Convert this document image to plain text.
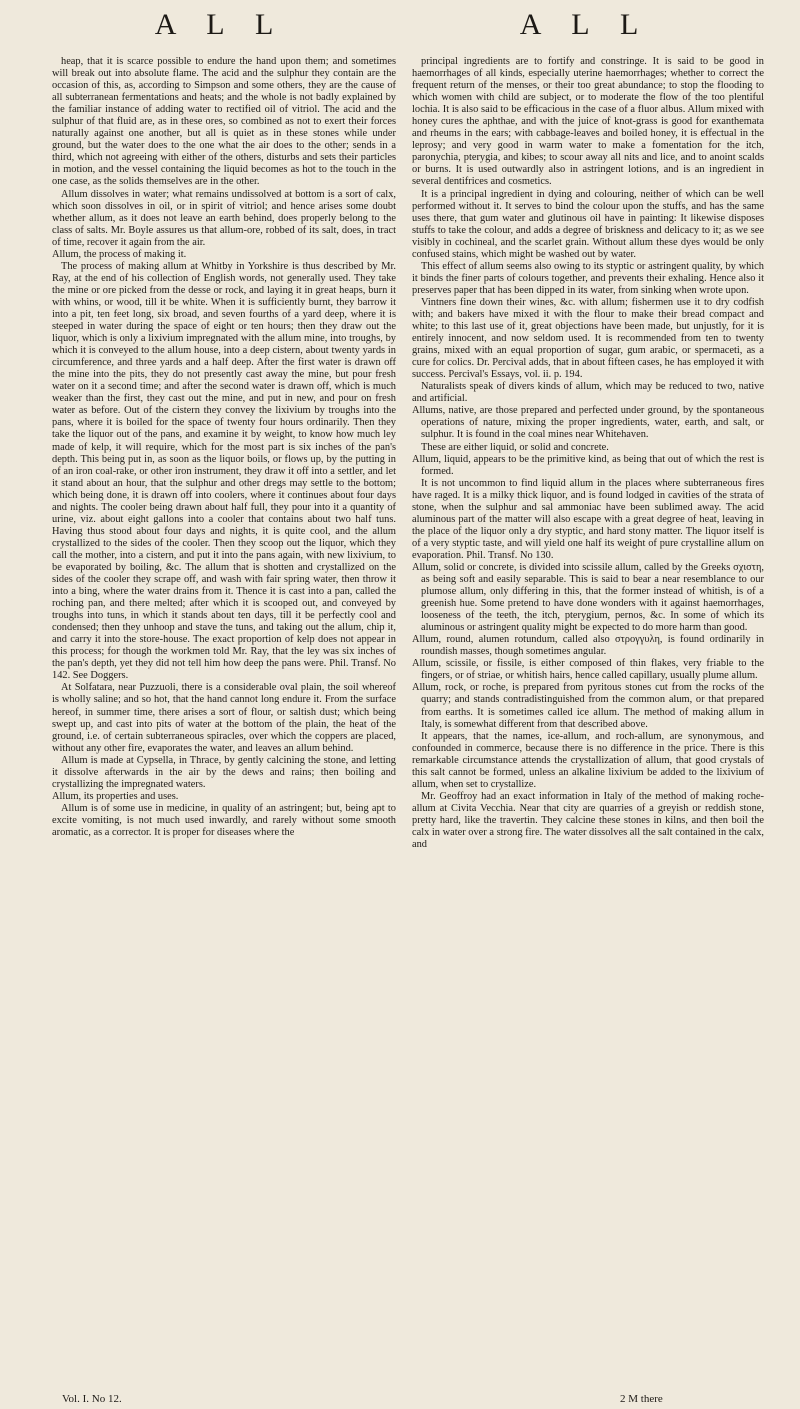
A L L	A L L

heap, that it is scarce possible to endure the hand upon them; and sometimes will break out into absolute flame. The acid and the sulphur they contain are the occasion of this, as, according to Simpson and some others, they are the cause of all subterranean fermentations and heats; and the whole is not badly explained by the familiar instance of adding water to rectified oil of vitriol. The acid and the sulphur of that fluid are, as in these ores, so combined as not to exert their forces naturally against one another, but all is quiet as in these stones while under ground, but the water does to the one what the air does to the other; sends in a third, which not agreeing with either of the others, disturbs and sets their particles in motion, and the vessel containing the liquid becomes as hot to the touch in the one case, as the solids themselves are in the other.

Allum dissolves in water; what remains undissolved at bottom is a sort of calx, which soon dissolves in oil, or in spirit of vitriol; and hence arises some doubt whether allum, as it does not leave an earth behind, does properly belong to the class of salts. Mr. Boyle assures us that allum-ore, robbed of its salt, does, in tract of time, recover it again from the air.

Allum, the process of making it.

The process of making allum at Whitby in Yorkshire is thus described by Mr. Ray, at the end of his collection of English words, not generally used. They take the mine or ore picked from the desse or rock, and laying it in great heaps, burn it with whins, or wood, till it be white. When it is sufficiently burnt, they barrow it into a pit, ten feet long, six broad, and seven fourths of a yard deep, where it is steeped in water during the space of eight or ten hours; then they draw out the liquor, which is only a lixivium impregnated with the allum mine, into troughs, by which it is conveyed to the allum house, into a deep cistern, about twenty yards in circumference, and three yards and a half deep. After the first water is drawn off the mine into the pits, they do not presently cast away the mine, but pour fresh water on it a second time; and after the second water is drawn off, which is much weaker than the first, they cast out the mine, and put in new, and pour on fresh water as before. Out of the cistern they convey the lixivium by troughs into the pans, where it is boiled for the space of twenty four hours ordinarily. Then they take the liquor out of the pans, and examine it by weight, to know how much ley made of kelp, it will require, which for the most part is six inches of the pan's depth. This being put in, as soon as the liquor boils, or flows up, by the putting in of an iron coal-rake, or other iron instrument, they draw it off into a settler, and let it stand about an hour, that the sulphur and other dregs may settle to the bottom; which being done, it is drawn off into coolers, where it continues about four days and nights. The cooler being drawn about half full, they pour into it a quantity of urine, viz. about eight gallons into a cooler that contains about two half tuns. Having thus stood about four days and nights, it is quite cool, and the allum crystallized to the sides of the cooler. Then they scoop out the liquor, which they call the mother, into a cistern, and put it into the pans again, with new lixivium, to be evaporated by boiling, &c. The allum that is shotten and crystallized on the sides of the cooler they scrape off, and wash with fair spring water, then throw it into a bing, where the water drains from it. Thence it is cast into a pan, called the roching pan, and there melted; after which it is scooped out, and conveyed by troughs into tuns, in which it stands about ten days, till it be perfectly cool and condensed; then they unhoop and stave the tuns, and taking out the allum, chip it, and carry it into the store-house. The exact proportion of kelp does not appear in this process; for though the workmen told Mr. Ray, that the ley was six inches of the pan's depth, yet they did not tell him how deep the pans were. Phil. Transf. No 142. See Doggers.

At Solfatara, near Puzzuoli, there is a considerable oval plain, the soil whereof is wholly saline; and so hot, that the hand cannot long endure it. From the surface hereof, in summer time, there arises a sort of flour, or saltish dust; which being swept up, and cast into pits of water at the bottom of the plain, the heat of the ground, i.e. of certain subterraneous spiracles, over which the coppers are placed, without any other fire, evaporates the water, and leaves an allum behind.

Allum is made at Cypsella, in Thrace, by gently calcining the stone, and letting it dissolve afterwards in the air by the dews and rains; then boiling and crystallizing the impregnated waters.

Allum, its properties and uses.

Allum is of some use in medicine, in quality of an astringent; but, being apt to excite vomiting, is not much used inwardly, and rarely without some smooth aromatic, as a corrector. It is proper for diseases where the

principal ingredients are to fortify and constringe. It is said to be good in haemorrhages of all kinds, especially uterine haemorrhages; whether to correct the frequent return of the menses, or their too great abundance; to stop the flooding to which women with child are subject, or to moderate the flow of the too plentiful lochia. It is also said to be efficacious in the case of a fluor albus. Allum mixed with honey cures the aphthae, and with the juice of knot-grass is good for exanthemata and rheums in the ears; with cabbage-leaves and boiled honey, it is effectual in the leprosy; and very good in warm water to make a fomentation for the itch, paronychia, pterygia, and kibes; to scour away all nits and lice, and to anoint scalds or burns. It is used outwardly also in astringent lotions, and is an ingredient in several dentifrices and cosmetics.

It is a principal ingredient in dying and colouring, neither of which can be well performed without it. It serves to bind the colour upon the stuffs, and has the same uses there, that gum water and glutinous oil have in painting: It likewise disposes stuffs to take the colour, and adds a degree of briskness and delicacy to it; as we see visibly in cochineal, and the scarlet grain. Without allum these dyes would be only confused stains, which might be washed out by water.

This effect of allum seems also owing to its styptic or astringent quality, by which it binds the finer parts of colours together, and prevents their exhaling. Hence also it preserves paper that has been dipped in its water, from sinking when wrote upon.

Vintners fine down their wines, &c. with allum; fishermen use it to dry codfish with; and bakers have mixed it with the flour to make their bread compact and white; to this last use of it, great objections have been made, but unjustly, for it is entirely innocent, and now seldom used. It is recommended from ten to twenty grains, mixed with an equal proportion of sugar, gum arabic, or spermaceti, as a cure for colics. Dr. Percival adds, that in about fifteen cases, he has employed it with success. Percival's Essays, vol. ii. p. 194.

Naturalists speak of divers kinds of allum, which may be reduced to two, native and artificial.

Allums, native, are those prepared and perfected under ground, by the spontaneous operations of nature, mixing the proper ingredients, water, earth, and salt, or sulphur. It is found in the coal mines near Whitehaven.

These are either liquid, or solid and concrete.

Allum, liquid, appears to be the primitive kind, as being that out of which the rest is formed.

It is not uncommon to find liquid allum in the places where subterraneous fires have raged. It is a milky thick liquor, and is found lodged in cavities of the strata of stone, when the sulphur and sal ammoniac have been sublimed away. The acid aluminous part of the matter will also escape with a great degree of heat, leaving in the place of the liquor only a dry styptic, and hard stony matter. The liquor itself is of a very styptic taste, and will yield one half its weight of pure crystalline allum on evaporation. Phil. Transf. No 130.

Allum, solid or concrete, is divided into scissile allum, called by the Greeks σχιστη, as being soft and easily separable. This is said to bear a near resemblance to our plumose allum, only differing in this, that the former instead of whitish, is of a greenish hue. Some pretend to have done wonders with it against haemorrhages, looseness of the teeth, the itch, pterygium, pernos, &c. In some of which its aluminous or astringent quality might be expected to do more harm than good.

Allum, round, alumen rotundum, called also στρογγυλη, is found ordinarily in roundish masses, though sometimes angular.

Allum, scissile, or fissile, is either composed of thin flakes, very friable to the fingers, or of striae, or whitish hairs, hence called capillary, usually plume allum.

Allum, rock, or roche, is prepared from pyritous stones cut from the rocks of the quarry; and stands contradistinguished from the common alum, or that prepared from earths. It is sometimes called ice allum. The method of making allum in Italy, is somewhat different from that described above.

It appears, that the names, ice-allum, and roch-allum, are synonymous, and confounded in commerce, because there is no difference in the price. There is this remarkable circumstance attends the crystallization of allum, that good crystals of this salt cannot be formed, unless an alkaline lixivium be added to the lixivium of allum, when set to crystallize.

Mr. Geoffroy had an exact information in Italy of the method of making roche-allum at Civita Vecchia. Near that city are quarries of a greyish or reddish stone, pretty hard, like the travertin. They calcine these stones in kilns, and then boil the calx in water over a strong fire. The water dissolves all the salt contained in the calx, and

Vol. I. No 12.	2 M there
